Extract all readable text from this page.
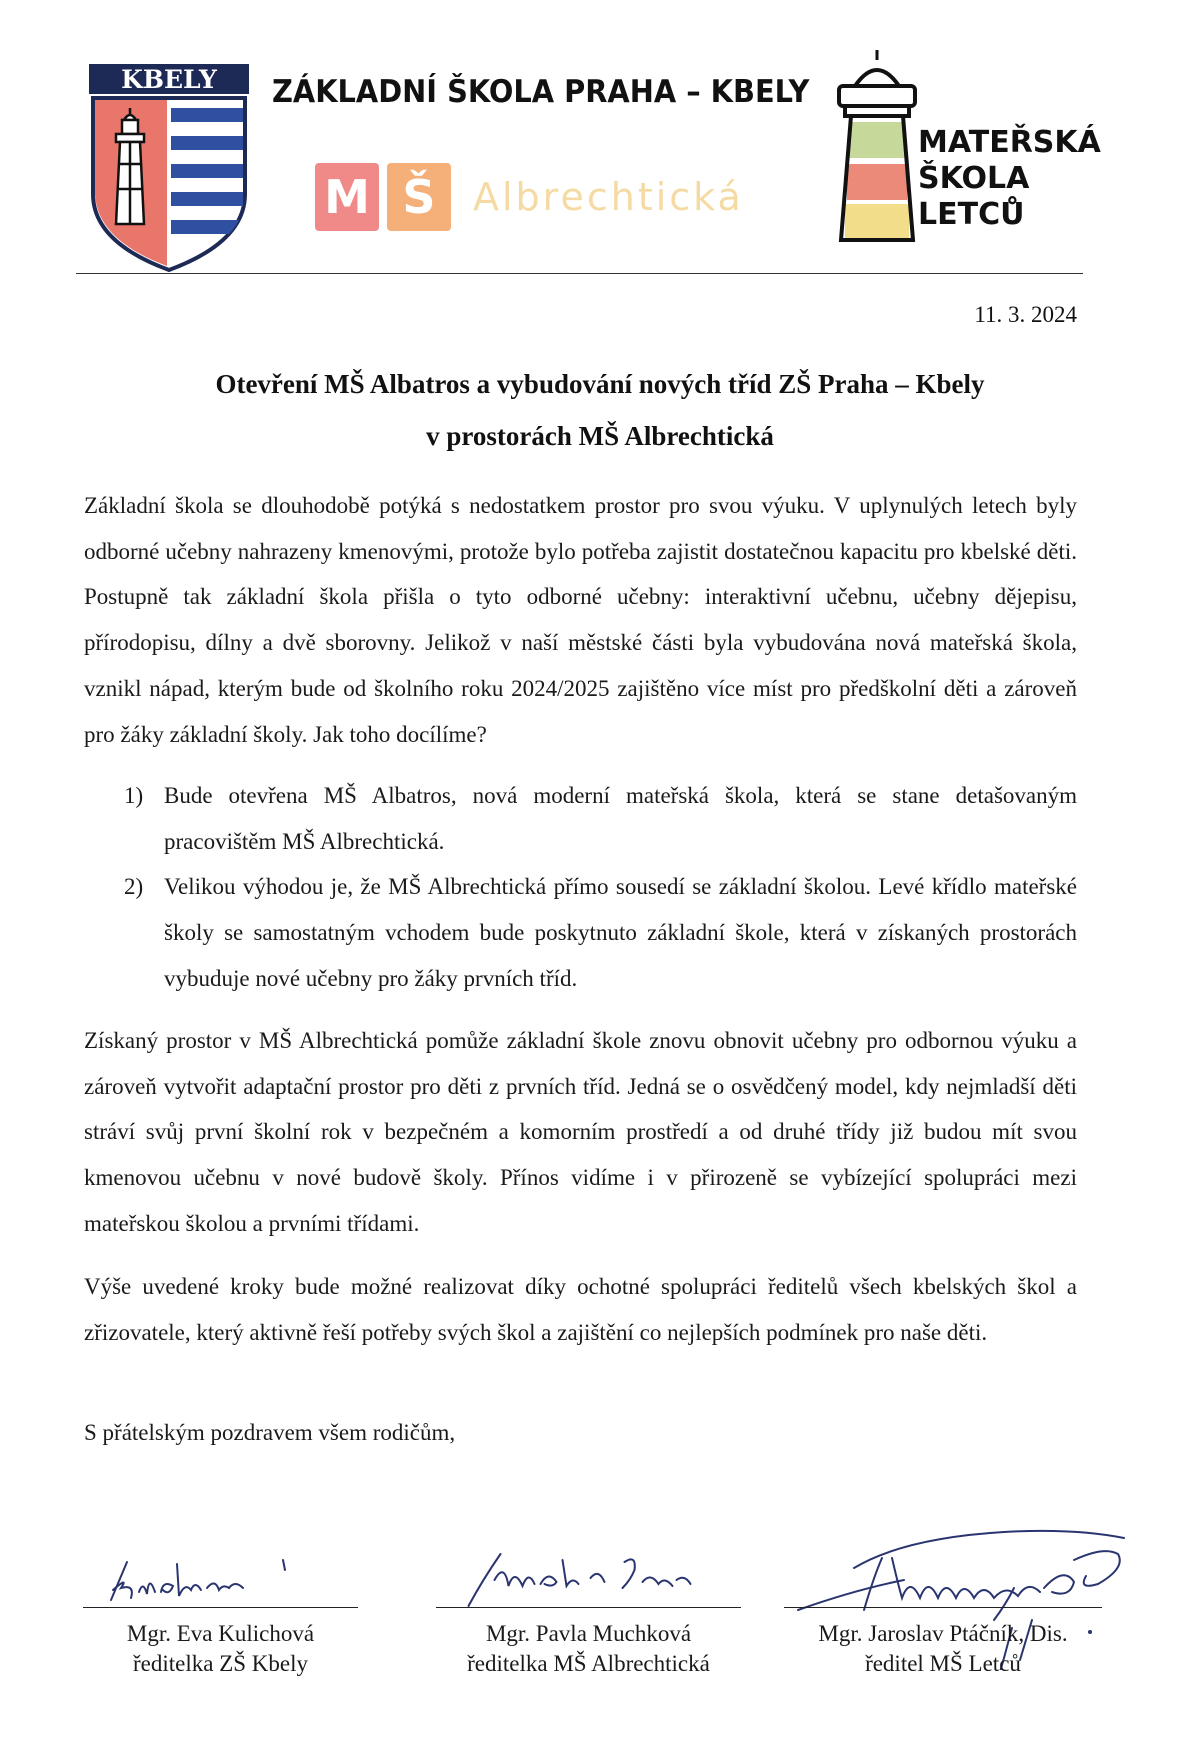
KBELY ZÁKLADNÍ ŠKOLA PRAHA – KBELY
M Š Albrechtická
MATEŘSKÁ
ŠKOLA
LETCŮ
11. 3. 2024
Otevření MŠ Albatros a vybudování nových tříd ZŠ Praha – Kbely
v prostorách MŠ Albrechtická
Základní škola se dlouhodobě potýká s nedostatkem prostor pro svou výuku. V uplynulých letech byly odborné učebny nahrazeny kmenovými, protože bylo potřeba zajistit dostatečnou kapacitu pro kbelské děti. Postupně tak základní škola přišla o tyto odborné učebny: interaktivní učebnu, učebny dějepisu, přírodopisu, dílny a dvě sborovny. Jelikož v naší městské části byla vybudována nová mateřská škola, vznikl nápad, kterým bude od školního roku 2024/2025 zajištěno více míst pro předškolní děti a zároveň pro žáky základní školy. Jak toho docílíme?
1) Bude otevřena MŠ Albatros, nová moderní mateřská škola, která se stane detašovaným pracovištěm MŠ Albrechtická.
2) Velikou výhodou je, že MŠ Albrechtická přímo sousedí se základní školou. Levé křídlo mateřské školy se samostatným vchodem bude poskytnuto základní škole, která v získaných prostorách vybuduje nové učebny pro žáky prvních tříd.
Získaný prostor v MŠ Albrechtická pomůže základní škole znovu obnovit učebny pro odbornou výuku a zároveň vytvořit adaptační prostor pro děti z prvních tříd. Jedná se o osvědčený model, kdy nejmladší děti stráví svůj první školní rok v bezpečném a komorním prostředí a od druhé třídy již budou mít svou kmenovou učebnu v nové budově školy. Přínos vidíme i v přirozeně se vybízející spolupráci mezi mateřskou školou a prvními třídami.
Výše uvedené kroky bude možné realizovat díky ochotné spolupráci ředitelů všech kbelských škol a zřizovatele, který aktivně řeší potřeby svých škol a zajištění co nejlepších podmínek pro naše děti.
S přátelským pozdravem všem rodičům,
Mgr. Eva Kulichová
ředitelka ZŠ Kbely
Mgr. Pavla Muchková
ředitelka MŠ Albrechtická
Mgr. Jaroslav Ptáčník, Dis.
ředitel MŠ Letců
